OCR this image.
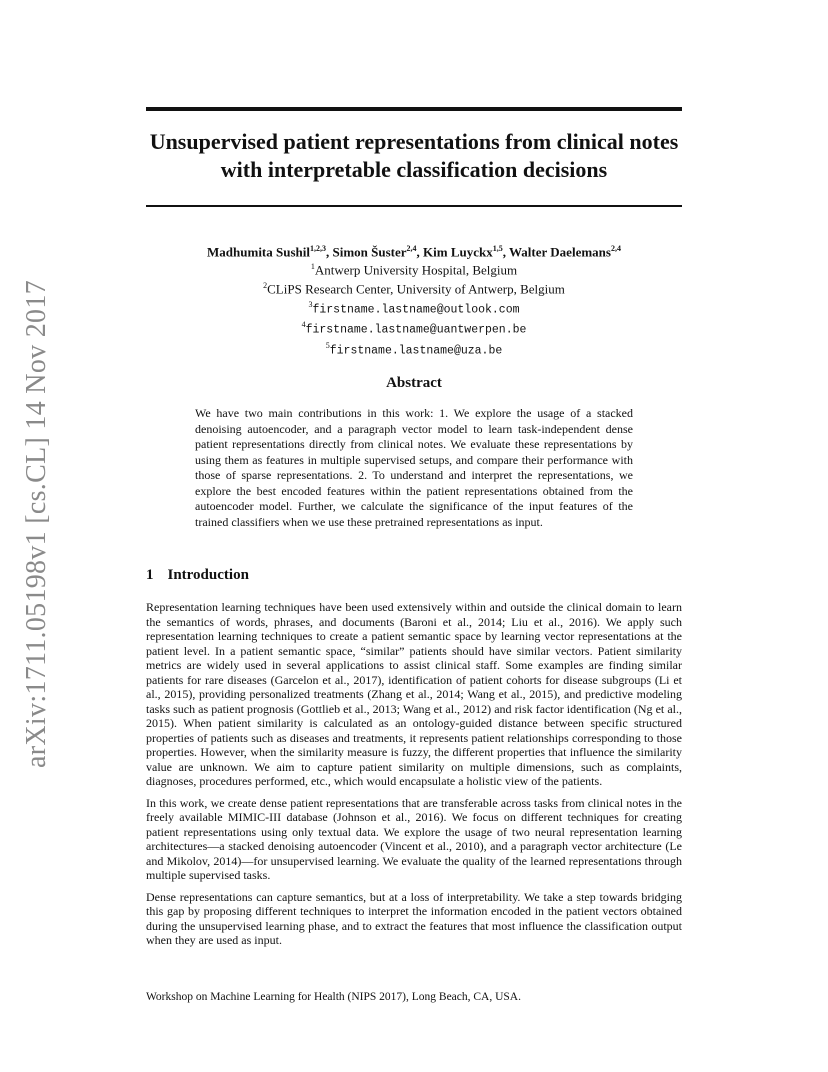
arXiv:1711.05198v1 [cs.CL] 14 Nov 2017
Unsupervised patient representations from clinical notes with interpretable classification decisions
Madhumita Sushil$^{1,2,3}$, Simon Šuster$^{2,4}$, Kim Luyckx$^{1,5}$, Walter Daelemans$^{2,4}$
$^1$Antwerp University Hospital, Belgium
$^2$CLiPS Research Center, University of Antwerp, Belgium
$^3$firstname.lastname@outlook.com
$^4$firstname.lastname@uantwerpen.be
$^5$firstname.lastname@uza.be
Abstract
We have two main contributions in this work: 1. We explore the usage of a stacked denoising autoencoder, and a paragraph vector model to learn task-independent dense patient representations directly from clinical notes. We evaluate these representations by using them as features in multiple supervised setups, and compare their performance with those of sparse representations. 2. To understand and interpret the representations, we explore the best encoded features within the patient representations obtained from the autoencoder model. Further, we calculate the significance of the input features of the trained classifiers when we use these pretrained representations as input.
1 Introduction

Representation learning techniques have been used extensively within and outside the clinical domain to learn the semantics of words, phrases, and documents (Baroni et al., 2014; Liu et al., 2016). We apply such representation learning techniques to create a patient semantic space by learning vector representations at the patient level. In a patient semantic space, “similar” patients should have similar vectors. Patient similarity metrics are widely used in several applications to assist clinical staff. Some examples are finding similar patients for rare diseases (Garcelon et al., 2017), identification of patient cohorts for disease subgroups (Li et al., 2015), providing personalized treatments (Zhang et al., 2014; Wang et al., 2015), and predictive modeling tasks such as patient prognosis (Gottlieb et al., 2013; Wang et al., 2012) and risk factor identification (Ng et al., 2015). When patient similarity is calculated as an ontology-guided distance between specific structured properties of patients such as diseases and treatments, it represents patient relationships corresponding to those properties. However, when the similarity measure is fuzzy, the different properties that influence the similarity value are unknown. We aim to capture patient similarity on multiple dimensions, such as complaints, diagnoses, procedures performed, etc., which would encapsulate a holistic view of the patients.

In this work, we create dense patient representations that are transferable across tasks from clinical notes in the freely available MIMIC-III database (Johnson et al., 2016). We focus on different techniques for creating patient representations using only textual data. We explore the usage of two neural representation learning architectures—a stacked denoising autoencoder (Vincent et al., 2010), and a paragraph vector architecture (Le and Mikolov, 2014)—for unsupervised learning. We evaluate the quality of the learned representations through multiple supervised tasks.

Dense representations can capture semantics, but at a loss of interpretability. We take a step towards bridging this gap by proposing different techniques to interpret the information encoded in the patient vectors obtained during the unsupervised learning phase, and to extract the features that most influence the classification output when they are used as input.

Workshop on Machine Learning for Health (NIPS 2017), Long Beach, CA, USA.
